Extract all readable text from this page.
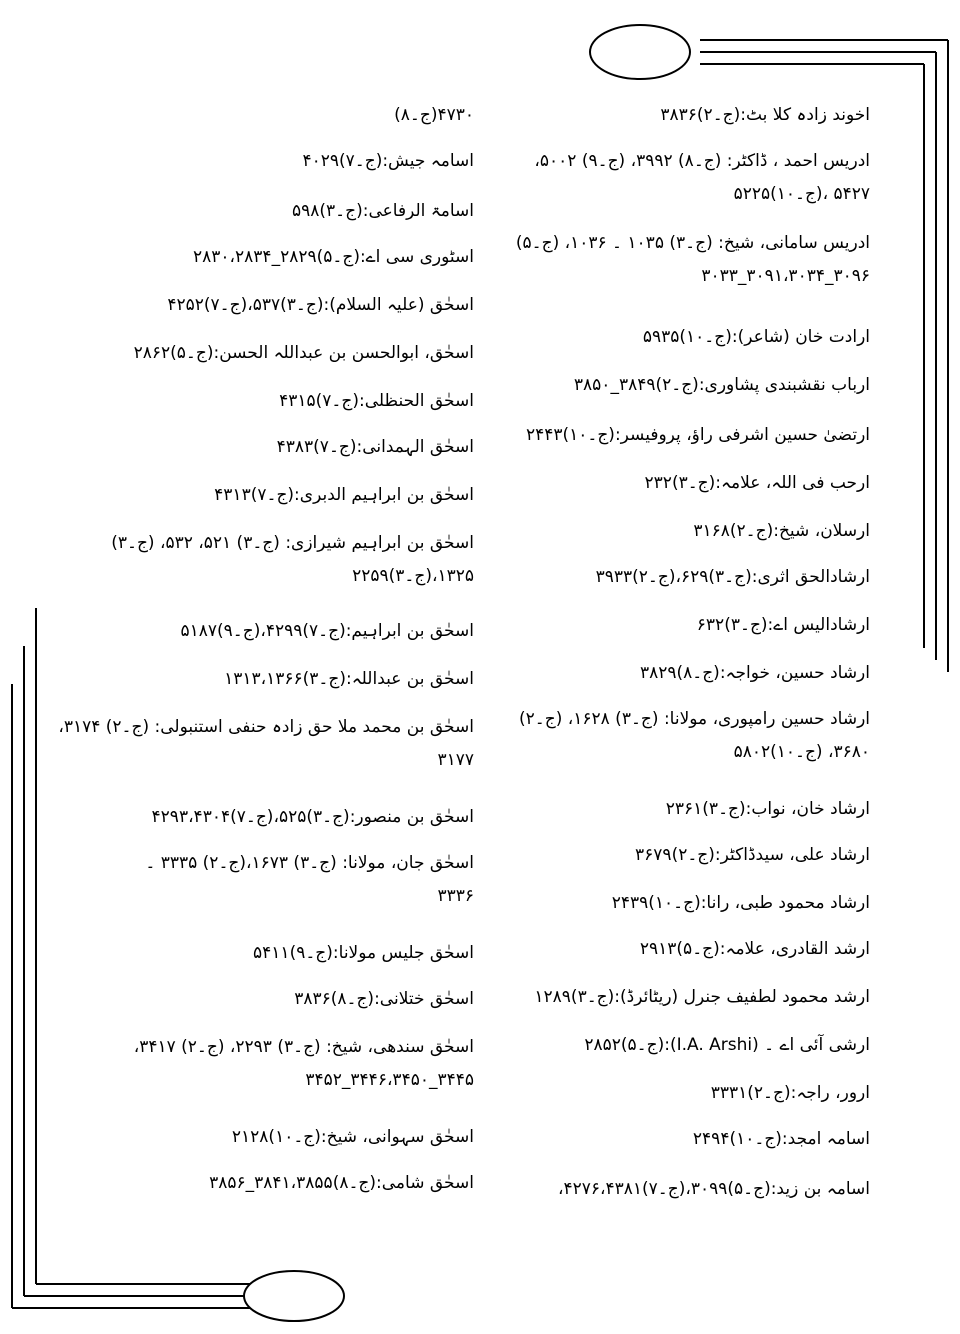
اخوند زادہ کلا بٹ:(ج۔۲)۳۸۳۶
ادریس احمد ، ڈاکٹر: (ج۔۸) ۳۹۹۲، (ج۔۹) ۵۰۰۲،
۵۴۲۷ ،(ج۔۱۰)۵۲۲۵
ادریس سامانی، شیخ: (ج۔۳) ۱۰۳۵ ۔ ۱۰۳۶، (ج۔۵)
۳۰۹۶_۳۰۹۱،۳۰۳۴_۳۰۳۳
ارادت خان (شاعر):(ج۔۱۰)۵۹۳۵
ارباب نقشبندی پشاوری:(ج۔۲)۳۸۴۹_۳۸۵۰
ارتضیٰ حسین اشرفی راؤ، پروفیسر:(ج۔۱۰)۲۴۴۳
ارحب فی اللہ، علامہ:(ج۔۳)۲۳۲
ارسلان، شیخ:(ج۔۲)۳۱۶۸
ارشادالحق اثری:(ج۔۳)۶۲۹،(ج۔۲)۳۹۳۳
ارشادالیس اے:(ج۔۳)۶۳۲
ارشاد حسین، خواجہ:(ج۔۸)۳۸۲۹
ارشاد حسین رامپوری، مولانا: (ج۔۳) ۱۶۲۸، (ج۔۲)
۳۶۸۰، (ج۔۱۰)۵۸۰۲
ارشاد خان، نواب:(ج۔۳)۲۳۶۱
ارشاد علی، سیدڈاکٹر:(ج۔۲)۳۶۷۹
ارشاد محمود طبی، رانا:(ج۔۱۰)۲۴۳۹
ارشد القادری، علامہ:(ج۔۵)۲۹۱۳
ارشد محمود لطفیف جنرل (ریٹائرڈ):(ج۔۳)۱۲۸۹
ارشی آئی اے ۔ (I.A. Arshi):(ج۔۵)۲۸۵۲
ارور، راجہ:(ج۔۲)۳۳۳۱
اسامہ امجد:(ج۔۱۰)۲۴۹۴
اسامہ بن زید:(ج۔۵)۳۰۹۹،(ج۔۷)۴۲۷۶،۴۳۸۱،
۴۷۳۰(ج۔۸)
اسامہ جیش:(ج۔۷)۴۰۲۹
اسامۃ الرفاعی:(ج۔۳)۵۹۸
اسٹوری سی اے:(ج۔۵)۲۸۲۹_۲۸۳۰،۲۸۳۴
اسحٰق (علیہ السلام):(ج۔۳)۵۳۷،(ج۔۷)۴۲۵۲
اسحٰق، ابوالحسن بن عبداللہ الحسن:(ج۔۵)۲۸۶۲
اسحٰق الحنظلی:(ج۔۷)۴۳۱۵
اسحٰق الہمدانی:(ج۔۷)۴۳۸۳
اسحٰق بن ابراہیم الدبری:(ج۔۷)۴۳۱۳
اسحٰق بن ابراہیم شیرازی: (ج۔۳) ۵۲۱، ۵۳۲، (ج۔۳)
۱۳۲۵،(ج۔۳)۲۲۵۹
اسحٰق بن ابراہیم:(ج۔۷)۴۲۹۹،(ج۔۹)۵۱۸۷
اسحٰق بن عبداللہ:(ج۔۳)۱۳۱۳،۱۳۶۶
اسحٰق بن محمد ملا حق زادہ حنفی استنبولی: (ج۔۲) ۳۱۷۴،
۳۱۷۷
اسحٰق بن منصور:(ج۔۳)۵۲۵،(ج۔۷)۴۲۹۳،۴۳۰۴
اسحٰق جان، مولانا: (ج۔۳) ۱۶۷۳،(ج۔۲) ۳۳۳۵ ۔
۳۳۳۶
اسحٰق جلیس مولانا:(ج۔۹)۵۴۱۱
اسحٰق ختلانی:(ج۔۸)۳۸۳۶
اسحٰق سندھی، شیخ: (ج۔۳) ۲۲۹۳، (ج۔۲) ۳۴۱۷،
۳۴۴۵_۳۴۴۶،۳۴۵۰_۳۴۵۲
اسحٰق سہوانی، شیخ:(ج۔۱۰)۲۱۲۸
اسحٰق شامی:(ج۔۸)۳۸۴۱،۳۸۵۵_۳۸۵۶
